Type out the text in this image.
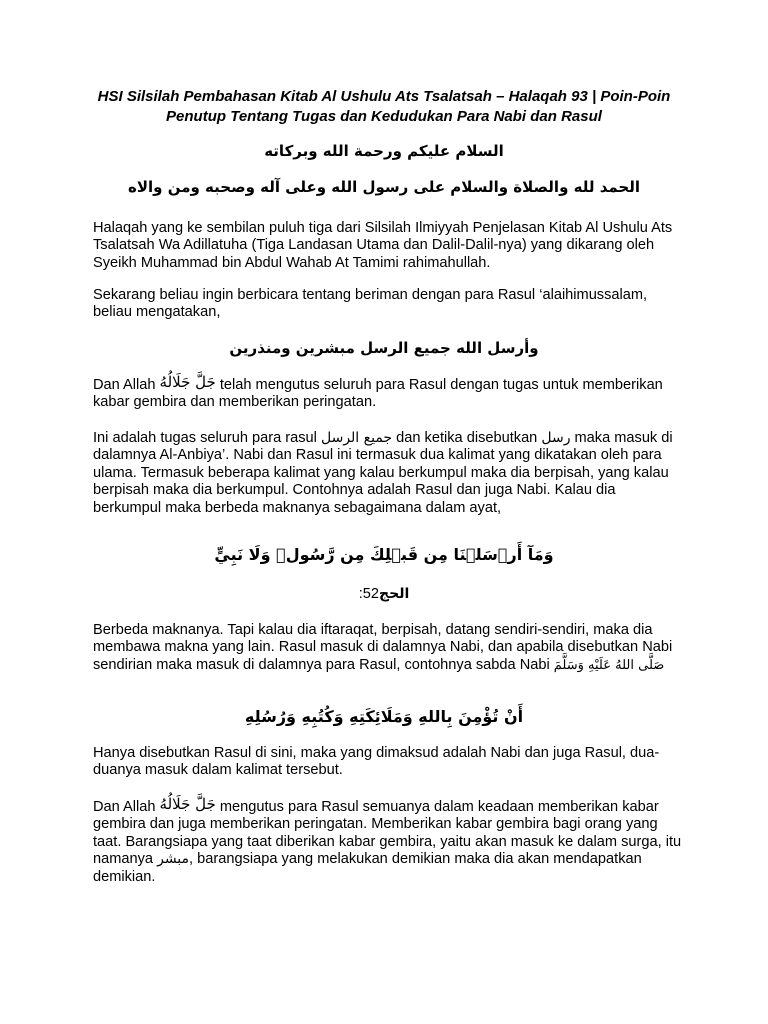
HSI Silsilah Pembahasan Kitab Al Ushulu Ats Tsalatsah – Halaqah 93 | Poin-Poin Penutup Tentang Tugas dan Kedudukan Para Nabi dan Rasul
السلام عليكم ورحمة الله وبركاته
الحمد لله والصلاة والسلام على رسول الله وعلى آله وصحبه ومن والاه

Halaqah yang ke sembilan puluh tiga dari Silsilah Ilmiyyah Penjelasan Kitab Al Ushulu Ats Tsalatsah Wa Adillatuha (Tiga Landasan Utama dan Dalil-Dalil-nya) yang dikarang oleh Syeikh Muhammad bin Abdul Wahab At Tamimi rahimahullah.

Sekarang beliau ingin berbicara tentang beriman dengan para Rasul ‘alaihimussalam, beliau mengatakan,

وأرسل الله جميع الرسل مبشرين ومنذرين

Dan Allah جَلَّ جَلَالُهُ telah mengutus seluruh para Rasul dengan tugas untuk memberikan kabar gembira dan memberikan peringatan.

Ini adalah tugas seluruh para rasul جميع الرسل dan ketika disebutkan رسل maka masuk di dalamnya Al-Anbiya’. Nabi dan Rasul ini termasuk dua kalimat yang dikatakan oleh para ulama. Termasuk beberapa kalimat yang kalau berkumpul maka dia berpisah, yang kalau berpisah maka dia berkumpul. Contohnya adalah Rasul dan juga Nabi. Kalau dia berkumpul maka berbeda maknanya sebagaimana dalam ayat,

وَمَآ أَرۡسَلۡنَا مِن قَبۡلِكَ مِن رَّسُولٖ وَلَا نَبِيٍّ
:52الحج

Berbeda maknanya. Tapi kalau dia iftaraqat, berpisah, datang sendiri-sendiri, maka dia membawa makna yang lain. Rasul masuk di dalamnya Nabi, dan apabila disebutkan Nabi sendirian maka masuk di dalamnya para Rasul, contohnya sabda Nabi صَلَّى اللهُ عَلَيْهِ وَسَلَّمَ

أَنْ تُؤْمِنَ بِاللهِ وَمَلَائِكَتِهِ وَكُتُبِهِ وَرُسُلِهِ

Hanya disebutkan Rasul di sini, maka yang dimaksud adalah Nabi dan juga Rasul, dua-duanya masuk dalam kalimat tersebut.

Dan Allah جَلَّ جَلَالُهُ mengutus para Rasul semuanya dalam keadaan memberikan kabar gembira dan juga memberikan peringatan. Memberikan kabar gembira bagi orang yang taat. Barangsiapa yang taat diberikan kabar gembira, yaitu akan masuk ke dalam surga, itu namanya مبشر, barangsiapa yang melakukan demikian maka dia akan mendapatkan demikian.
